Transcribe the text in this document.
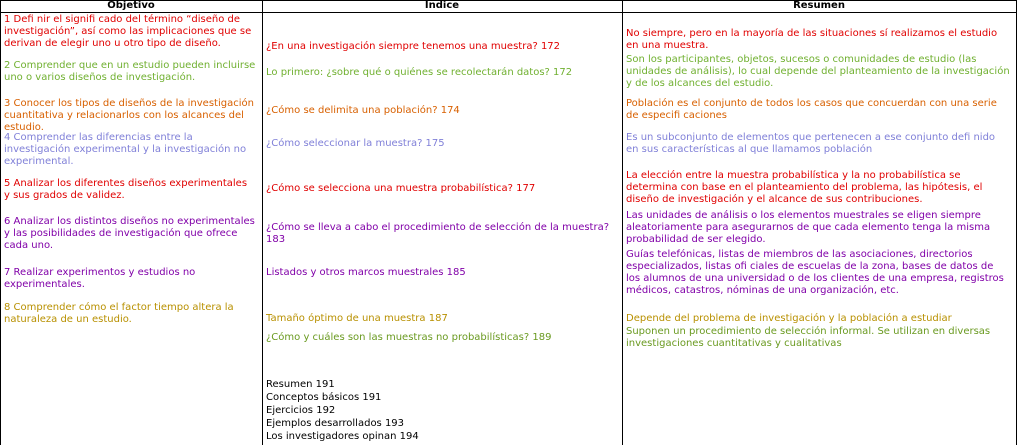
Objetivo	Índice	Resumen
1 Defi nir el signifi cado del término “diseño de investigación”, así como las implicaciones que se derivan de elegir uno u otro tipo de diseño.
2 Comprender que en un estudio pueden incluirse uno o varios diseños de investigación.
3 Conocer los tipos de diseños de la investigación cuantitativa y relacionarlos con los alcances del estudio.
4 Comprender las diferencias entre la investigación experimental y la investigación no experimental.
5 Analizar los diferentes diseños experimentales y sus grados de validez.
6 Analizar los distintos diseños no experimentales y las posibilidades de investigación que ofrece cada uno.
7 Realizar experimentos y estudios no experimentales.
8 Comprender cómo el factor tiempo altera la naturaleza de un estudio.
¿En una investigación siempre tenemos una muestra? 172
Lo primero: ¿sobre qué o quiénes se recolectarán datos? 172
¿Cómo se delimita una población? 174
¿Cómo seleccionar la muestra? 175
¿Cómo se selecciona una muestra probabilística? 177
¿Cómo se lleva a cabo el procedimiento de selección de la muestra? 183
Listados y otros marcos muestrales 185
Tamaño óptimo de una muestra 187
¿Cómo y cuáles son las muestras no probabilísticas? 189
Resumen 191
Conceptos básicos 191
Ejercicios 192
Ejemplos desarrollados 193
Los investigadores opinan 194
No siempre, pero en la mayoría de las situaciones sí realizamos el estudio en una muestra.
Son los participantes, objetos, sucesos o comunidades de estudio (las unidades de análisis), lo cual depende del planteamiento de la investigación y de los alcances del estudio.
Población es el conjunto de todos los casos que concuerdan con una serie de especifi caciones
Es un subconjunto de elementos que pertenecen a ese conjunto defi nido en sus características al que llamamos población
La elección entre la muestra probabilística y la no probabilística se determina con base en el planteamiento del problema, las hipótesis, el diseño de investigación y el alcance de sus contribuciones.
Las unidades de análisis o los elementos muestrales se eligen siempre aleatoriamente para asegurarnos de que cada elemento tenga la misma probabilidad de ser elegido.
Guías telefónicas, listas de miembros de las asociaciones, directorios especializados, listas ofi ciales de escuelas de la zona, bases de datos de los alumnos de una universidad o de los clientes de una empresa, registros médicos, catastros, nóminas de una organización, etc.
Depende del problema de investigación y la población a estudiar
Suponen un procedimiento de selección informal. Se utilizan en diversas investigaciones cuantitativas y cualitativas
